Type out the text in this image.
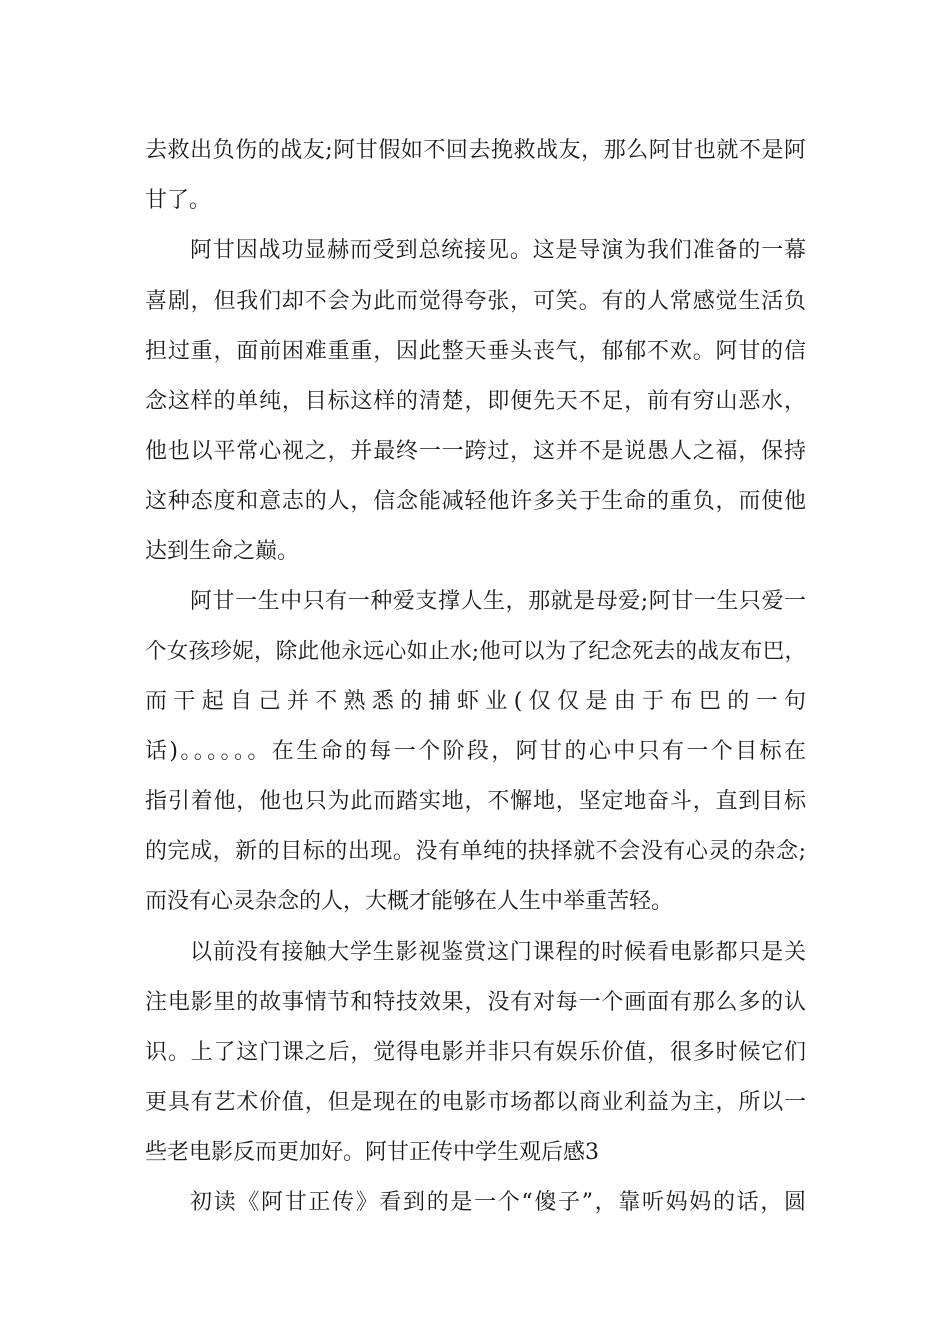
去救出负伤的战友;阿甘假如不回去挽救战友，那么阿甘也就不是阿
甘了。
阿甘因战功显赫而受到总统接见。这是导演为我们准备的一幕
喜剧，但我们却不会为此而觉得夸张，可笑。有的人常感觉生活负
担过重，面前困难重重，因此整天垂头丧气，郁郁不欢。阿甘的信
念这样的单纯，目标这样的清楚，即便先天不足，前有穷山恶水，
他也以平常心视之，并最终一一跨过，这并不是说愚人之福，保持
这种态度和意志的人，信念能减轻他许多关于生命的重负，而使他
达到生命之巅。
阿甘一生中只有一种爱支撑人生，那就是母爱;阿甘一生只爱一
个女孩珍妮，除此他永远心如止水;他可以为了纪念死去的战友布巴，
而干起自己并不熟悉的捕虾业(仅仅是由于布巴的一句
话)。。。。。。在生命的每一个阶段，阿甘的心中只有一个目标在
指引着他，他也只为此而踏实地，不懈地，坚定地奋斗，直到目标
的完成，新的目标的出现。没有单纯的抉择就不会没有心灵的杂念;
而没有心灵杂念的人，大概才能够在人生中举重苦轻。
以前没有接触大学生影视鉴赏这门课程的时候看电影都只是关
注电影里的故事情节和特技效果，没有对每一个画面有那么多的认
识。上了这门课之后，觉得电影并非只有娱乐价值，很多时候它们
更具有艺术价值，但是现在的电影市场都以商业利益为主，所以一
些老电影反而更加好。阿甘正传中学生观后感3
初读《阿甘正传》看到的是一个“傻子”，靠听妈妈的话，圆
